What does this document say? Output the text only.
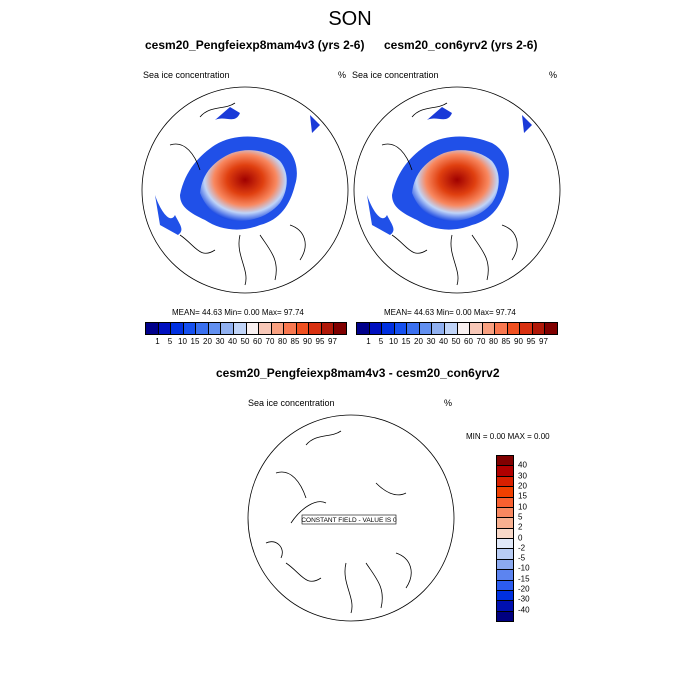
SON
cesm20_Pengfeiexp8mam4v3 (yrs 2-6)
Sea ice concentration	%
cesm20_con6yrv2 (yrs 2-6)
Sea ice concentration	%
MEAN= 44.63 Min= 0.00 Max= 97.74	MEAN= 44.63 Min= 0.00 Max= 97.74
1 5 10 15 20 30 40 50 60 70 80 85 90 95 97	1 5 10 15 20 30 40 50 60 70 80 85 90 95 97
cesm20_Pengfeiexp8mam4v3 - cesm20_con6yrv2
Sea ice concentration	%
MIN = 0.00 MAX = 0.00
CONSTANT FIELD - VALUE IS 0
40
30
20
15
10
5
2
0
-2
-5
-10
-15
-20
-30
-40
